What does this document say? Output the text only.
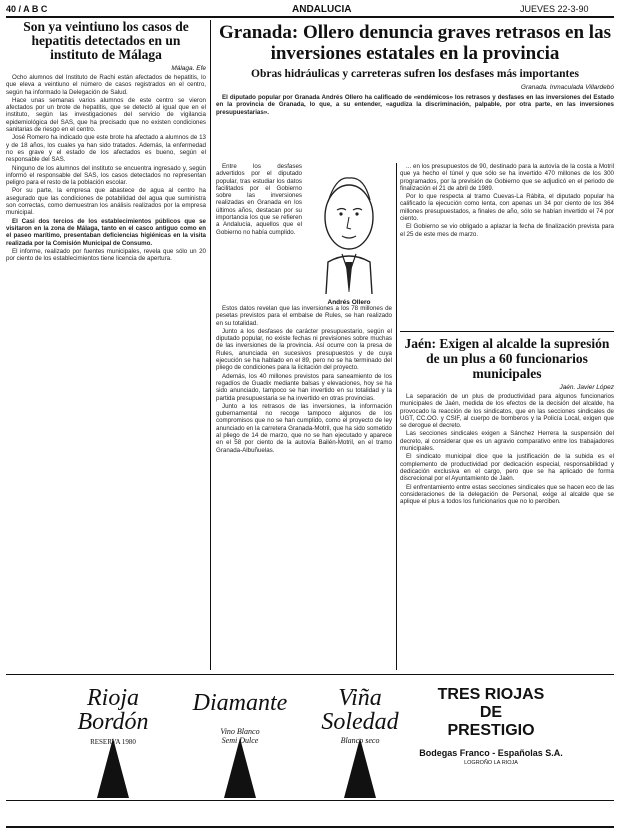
40 / A B C	ANDALUCIA	JUEVES 22-3-90
Son ya veintiuno los casos de hepatitis detectados en un instituto de Málaga
Málaga. Efe

Ocho alumnos del Instituto de Rachi están afectados de hepatitis, lo que eleva a veintiuno el número de casos registrados en el centro, según ha informado la Delegación de Salud.

Hace unas semanas varios alumnos de este centro se vieron afectados por un brote de hepatitis, que se detectó al igual que en el instituto, según las investigaciones del servicio de vigilancia epidemiológica del SAS, que ha precisado que no existen condiciones sanitarias de riesgo en el centro.

José Romero ha indicado que este brote ha afectado a alumnos de 13 y de 18 años, los cuales ya han sido tratados. Además, la enfermedad no es grave y el estado de los afectados es bueno, según el responsable del SAS.

Ninguno de los alumnos del instituto se encuentra ingresado y, según informó el responsable del SAS, los casos detectados no representan peligro para el resto de la población escolar.

Por su parte, la empresa que abastece de agua al centro ha asegurado que las condiciones de potabilidad del agua que suministra son correctas, como demuestran los análisis realizados por la empresa municipal.

El Casi dos tercios de los establecimientos públicos que se visitaron en la zona de Málaga, tanto en el casco antiguo como en el paseo marítimo, presentaban deficiencias higiénicas en la visita realizada por la Comisión Municipal de Consumo.

El informe, realizado por fuentes municipales, revela que sólo un 20 por ciento de los establecimientos tiene licencia de apertura.

Granada: Ollero denuncia graves retrasos en las inversiones estatales en la provincia
Obras hidráulicas y carreteras sufren los desfases más importantes
Granada. Inmaculada Villardebó
El diputado popular por Granada Andrés Ollero ha calificado de «endémicos» los retrasos y desfases en las inversiones del Estado en la provincia de Granada, lo que, a su entender, «agudiza la discriminación, palpable, por otra parte, en las inversiones presupuestarias».

Entre los desfases advertidos por el diputado popular, tras estudiar los datos facilitados por el Gobierno sobre las inversiones realizadas en Granada en los últimos años, destacan por su importancia los que se refieren a Andalucía, aquellos que el Gobierno no había cumplido.

Andrés Ollero

Estos datos revelan que las inversiones a los 78 millones de pesetas previstos para el embalse de Rules, se han realizado en su totalidad.

Junto a los desfases de carácter presupuestario, según el diputado popular, no existe fechas ni previsiones sobre muchas de las inversiones de la provincia. Así ocurre con la presa de Rules, anunciada en sucesivos presupuestos y de cuya ejecución se ha hablado en el 89, pero no se ha terminado del pliego de condiciones para la licitación del proyecto.

Además, los 40 millones previstos para saneamiento de los regadíos de Guadix mediante balsas y elevaciones, hoy se ha sido anunciado, tampoco se han invertido en su totalidad y la partida presupuestaria se ha invertido en otras provincias.

Junto a los retrasos de las inversiones, la información gubernamental no recoge tampoco algunos de los compromisos que no se han cumplido, como el proyecto de ley anunciado en la carretera Granada-Motril, que ha sido sometido al pliego de 14 de marzo, que no se han ejecutado y aparece en el 58 por ciento de la autovía Bailén-Motril, en el tramo Granada-Albuñuelas.

... en los presupuestos de 90, destinado para la autovía de la costa a Motril que ya hecho el túnel y que sólo se ha invertido 470 millones de los 300 programados, por la previsión de Gobierno que se adjudicó en el periodo de finalización el 21 de abril de 1989.

Por lo que respecta al tramo Cuevas-La Rábita, el diputado popular ha calificado la ejecución como lenta, con apenas un 34 por ciento de los 364 millones presupuestados, a finales de año, sólo se habían invertido el 74 por ciento.

El Gobierno se vio obligado a aplazar la fecha de finalización prevista para el 25 de este mes de marzo.

Jaén: Exigen al alcalde la supresión de un plus a 60 funcionarios municipales
Jaén. Javier López

La separación de un plus de productividad para algunos funcionarios municipales de Jaén, medida de los efectos de la decisión del alcalde, ha provocado la reacción de los sindicatos, que en las secciones sindicales de UGT, CC.OO. y CSIF, al cuerpo de bomberos y la Policía Local, exigen que se derogue el decreto.

Las secciones sindicales exigen a Sánchez Herrera la suspensión del decreto, al considerar que es un agravio comparativo entre los trabajadores municipales.

El sindicato municipal dice que la justificación de la subida es el complemento de productividad por dedicación especial, responsabilidad y dedicación exclusiva en el cargo, pero que se ha aplicado de forma discrecional por el Ayuntamiento de Jaén.

El enfrentamiento entre estas secciones sindicales que se hacen eco de las consideraciones de la delegación de Personal, exige al alcalde que se aplique el plus a todos los funcionarios que no lo perciben.

Rioja
Bordón
RESERVA 1980
Diamante
Vino Blanco
Semi Dulce
Viña
Soledad
Blanco seco
TRES RIOJAS
DE
PRESTIGIO
Bodegas Franco - Españolas S.A.
LOGROÑO LA RIOJA
